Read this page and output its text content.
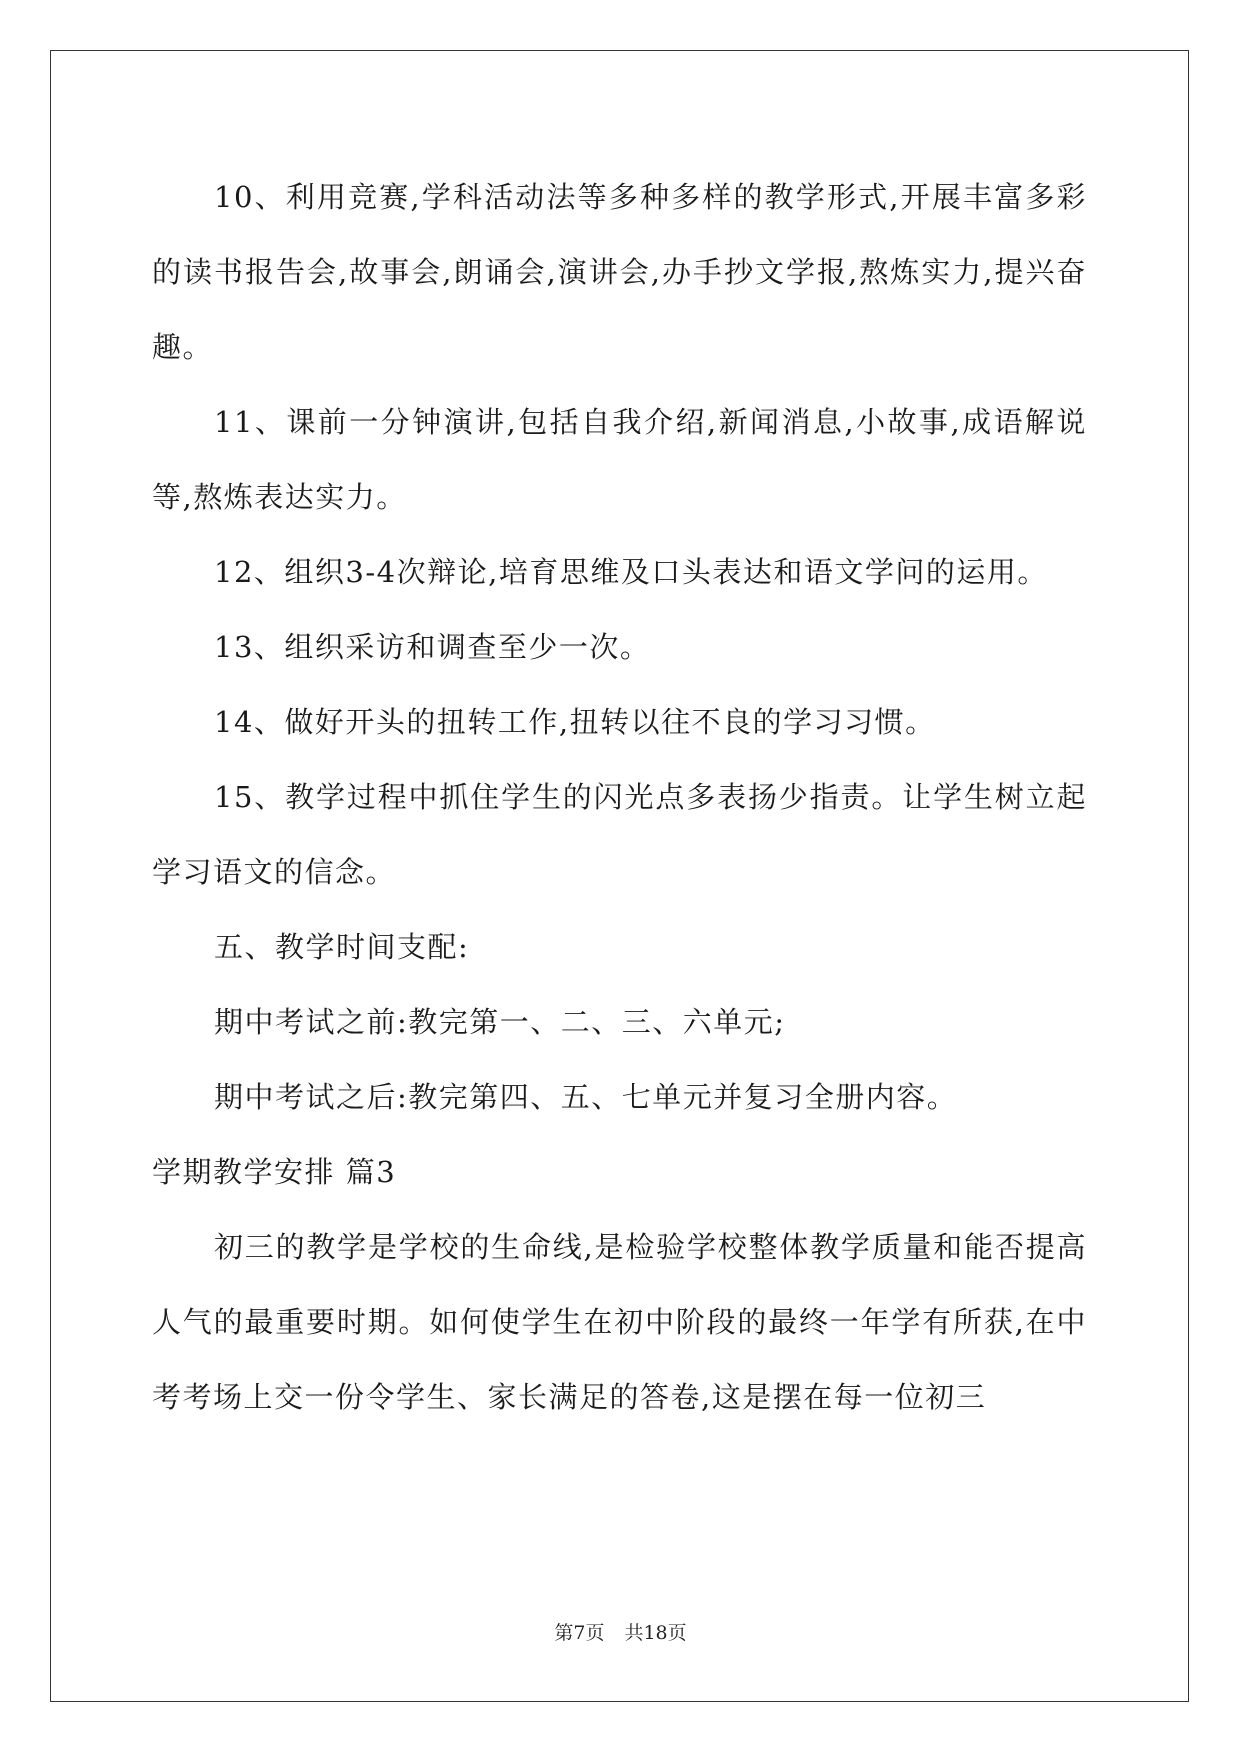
10、利用竞赛,学科活动法等多种多样的教学形式,开展丰富多彩的读书报告会,故事会,朗诵会,演讲会,办手抄文学报,熬炼实力,提兴奋趣。

11、课前一分钟演讲,包括自我介绍,新闻消息,小故事,成语解说等,熬炼表达实力。

12、组织3-4次辩论,培育思维及口头表达和语文学问的运用。

13、组织采访和调查至少一次。

14、做好开头的扭转工作,扭转以往不良的学习习惯。

15、教学过程中抓住学生的闪光点多表扬少指责。让学生树立起学习语文的信念。

五、教学时间支配:

期中考试之前:教完第一、二、三、六单元;

期中考试之后:教完第四、五、七单元并复习全册内容。

学期教学安排 篇3

初三的教学是学校的生命线,是检验学校整体教学质量和能否提高人气的最重要时期。如何使学生在初中阶段的最终一年学有所获,在中考考场上交一份令学生、家长满足的答卷,这是摆在每一位初三

第7页 共18页
